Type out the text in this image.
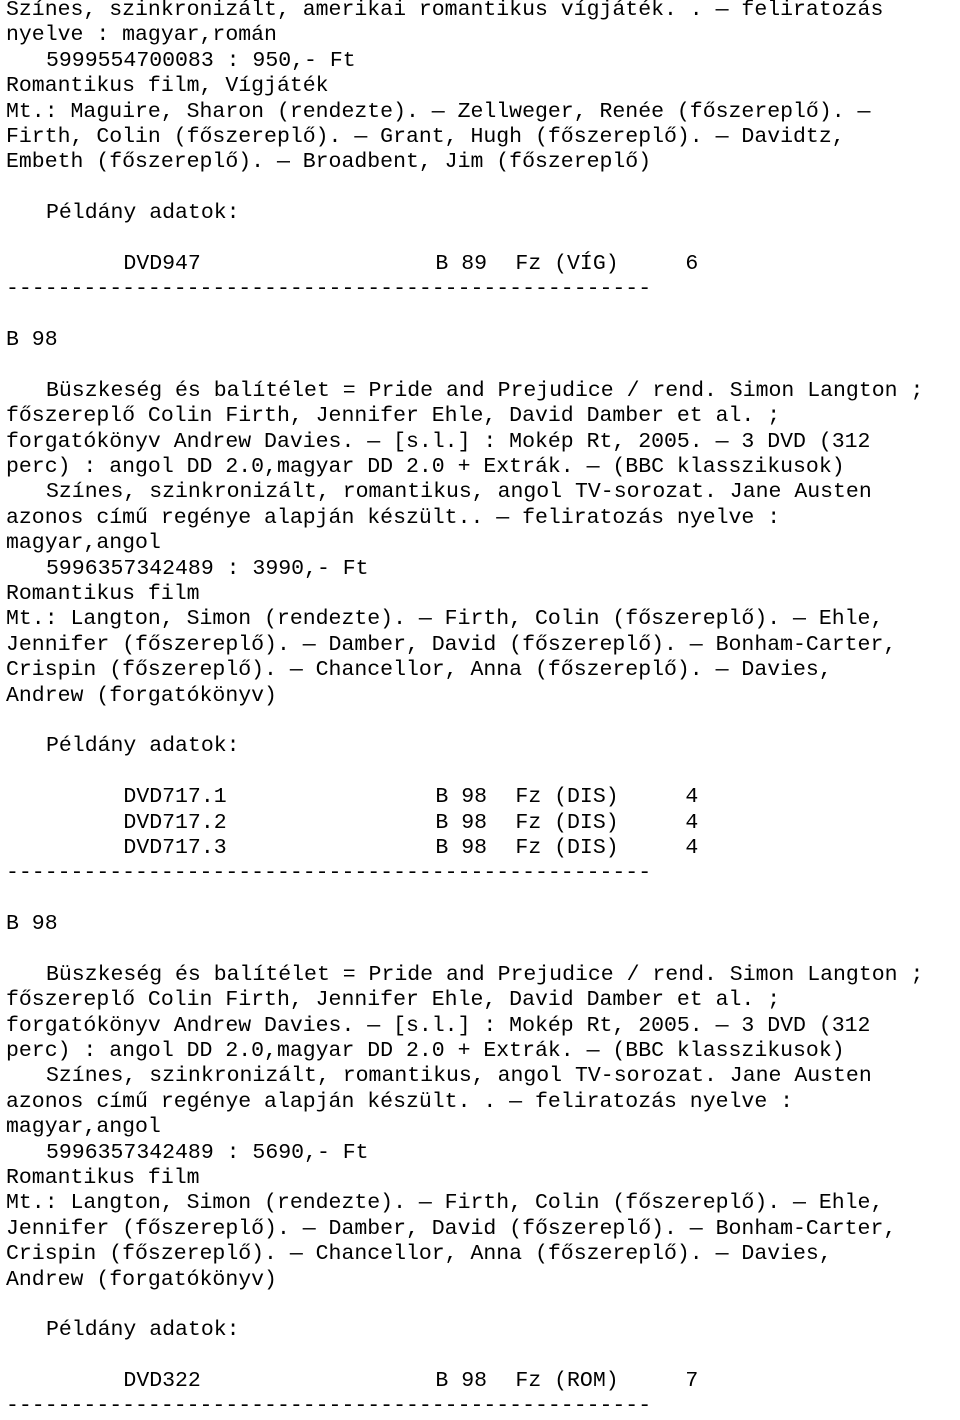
Színes, szinkronizált, amerikai romantikus vígjáték. . — feliratozás
nyelve : magyar,román
5999554700083 : 950,- Ft
Romantikus film, Vígjáték
Mt.: Maguire, Sharon (rendezte). — Zellweger, Renée (főszereplő). —
Firth, Colin (főszereplő). — Grant, Hugh (főszereplő). — Davidtz,
Embeth (főszereplő). — Broadbent, Jim (főszereplő)
Példány adatok:

DVD947	B 89 Fz (VÍG)	6

--------------------------------------------------
B 98
Büszkeség és balítélet = Pride and Prejudice / rend. Simon Langton ;
főszereplő Colin Firth, Jennifer Ehle, David Damber et al. ;
forgatókönyv Andrew Davies. — [s.l.] : Mokép Rt, 2005. — 3 DVD (312
perc) : angol DD 2.0,magyar DD 2.0 + Extrák. — (BBC klasszikusok)
Színes, szinkronizált, romantikus, angol TV-sorozat. Jane Austen
azonos című regénye alapján készült.. — feliratozás nyelve :
magyar,angol
5996357342489 : 3990,- Ft
Romantikus film
Mt.: Langton, Simon (rendezte). — Firth, Colin (főszereplő). — Ehle,
Jennifer (főszereplő). — Damber, David (főszereplő). — Bonham-Carter,
Crispin (főszereplő). — Chancellor, Anna (főszereplő). — Davies,
Andrew (forgatókönyv)
Példány adatok:

DVD717.1	B 98 Fz (DIS)	4

DVD717.2	B 98 Fz (DIS)	4

DVD717.3	B 98 Fz (DIS)	4

--------------------------------------------------
B 98
Büszkeség és balítélet = Pride and Prejudice / rend. Simon Langton ;
főszereplő Colin Firth, Jennifer Ehle, David Damber et al. ;
forgatókönyv Andrew Davies. — [s.l.] : Mokép Rt, 2005. — 3 DVD (312
perc) : angol DD 2.0,magyar DD 2.0 + Extrák. — (BBC klasszikusok)
Színes, szinkronizált, romantikus, angol TV-sorozat. Jane Austen
azonos című regénye alapján készült. . — feliratozás nyelve :
magyar,angol
5996357342489 : 5690,- Ft
Romantikus film
Mt.: Langton, Simon (rendezte). — Firth, Colin (főszereplő). — Ehle,
Jennifer (főszereplő). — Damber, David (főszereplő). — Bonham-Carter,
Crispin (főszereplő). — Chancellor, Anna (főszereplő). — Davies,
Andrew (forgatókönyv)
Példány adatok:

DVD322	B 98 Fz (ROM)	7

--------------------------------------------------
